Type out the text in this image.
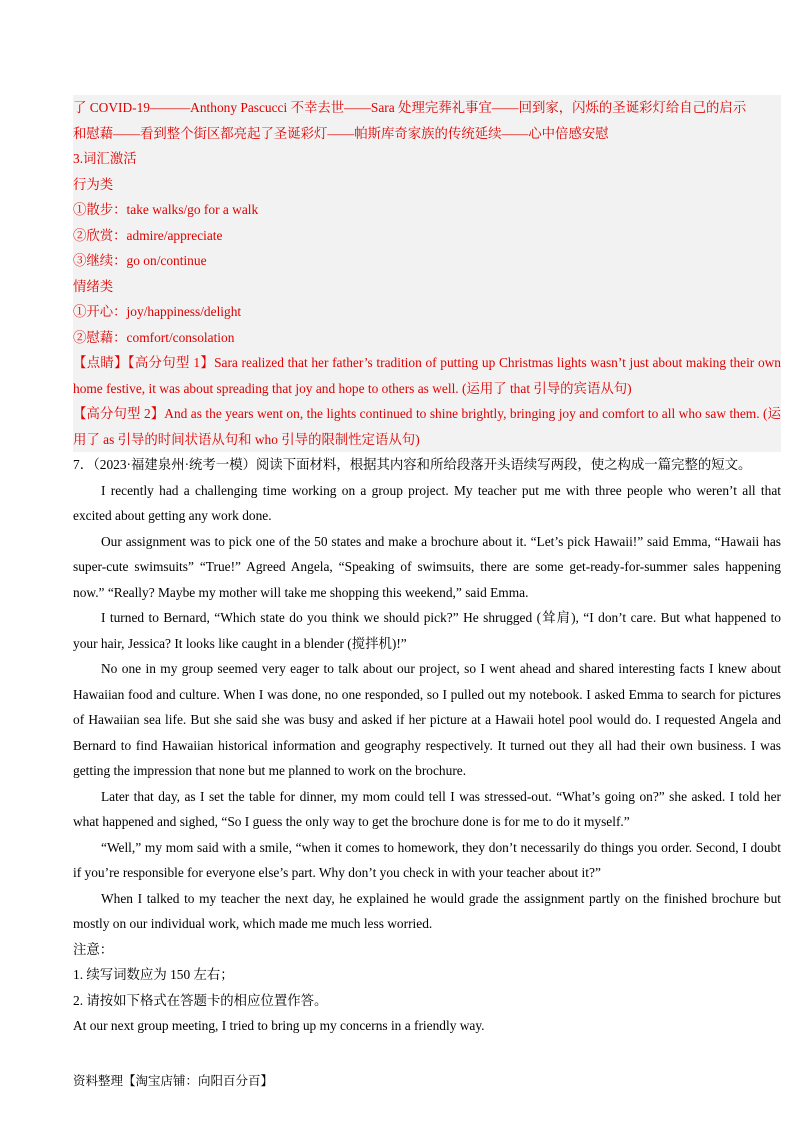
了 COVID-19———Anthony Pascucci 不幸去世——Sara 处理完葬礼事宜——回到家，闪烁的圣诞彩灯给自己的启示
和慰藉——看到整个街区都亮起了圣诞彩灯——帕斯库奇家族的传统延续——心中倍感安慰
3.词汇激活
行为类
①散步：take walks/go for a walk
②欣赏：admire/appreciate
③继续：go on/continue
情绪类
①开心：joy/happiness/delight
②慰藉：comfort/consolation

【点睛】【高分句型 1】Sara realized that her father’s tradition of putting up Christmas lights wasn’t just about making their own home festive, it was about spreading that joy and hope to others as well. (运用了 that 引导的宾语从句)

【高分句型 2】And as the years went on, the lights continued to shine brightly, bringing joy and comfort to all who saw them. (运用了 as 引导的时间状语从句和 who 引导的限制性定语从句)

7．（2023·福建泉州·统考一模）阅读下面材料，根据其内容和所给段落开头语续写两段，使之构成一篇完整的短文。

I recently had a challenging time working on a group project. My teacher put me with three people who weren’t all that excited about getting any work done.

Our assignment was to pick one of the 50 states and make a brochure about it. “Let’s pick Hawaii!” said Emma, “Hawaii has super-cute swimsuits” “True!” Agreed Angela, “Speaking of swimsuits, there are some get-ready-for-summer sales happening now.” “Really? Maybe my mother will take me shopping this weekend,” said Emma.

I turned to Bernard, “Which state do you think we should pick?” He shrugged (耸肩), “I don’t care. But what happened to your hair, Jessica? It looks like caught in a blender (搅拌机)!”

No one in my group seemed very eager to talk about our project, so I went ahead and shared interesting facts I knew about Hawaiian food and culture. When I was done, no one responded, so I pulled out my notebook. I asked Emma to search for pictures of Hawaiian sea life. But she said she was busy and asked if her picture at a Hawaii hotel pool would do. I requested Angela and Bernard to find Hawaiian historical information and geography respectively. It turned out they all had their own business. I was getting the impression that none but me planned to work on the brochure.

Later that day, as I set the table for dinner, my mom could tell I was stressed-out. “What’s going on?” she asked. I told her what happened and sighed, “So I guess the only way to get the brochure done is for me to do it myself.”

“Well,” my mom said with a smile, “when it comes to homework, they don’t necessarily do things you order. Second, I doubt if you’re responsible for everyone else’s part. Why don’t you check in with your teacher about it?”

When I talked to my teacher the next day, he explained he would grade the assignment partly on the finished brochure but mostly on our individual work, which made me much less worried.

注意：
1. 续写词数应为 150 左右；
2. 请按如下格式在答题卡的相应位置作答。
At our next group meeting, I tried to bring up my concerns in a friendly way.
资料整理【淘宝店铺：向阳百分百】
